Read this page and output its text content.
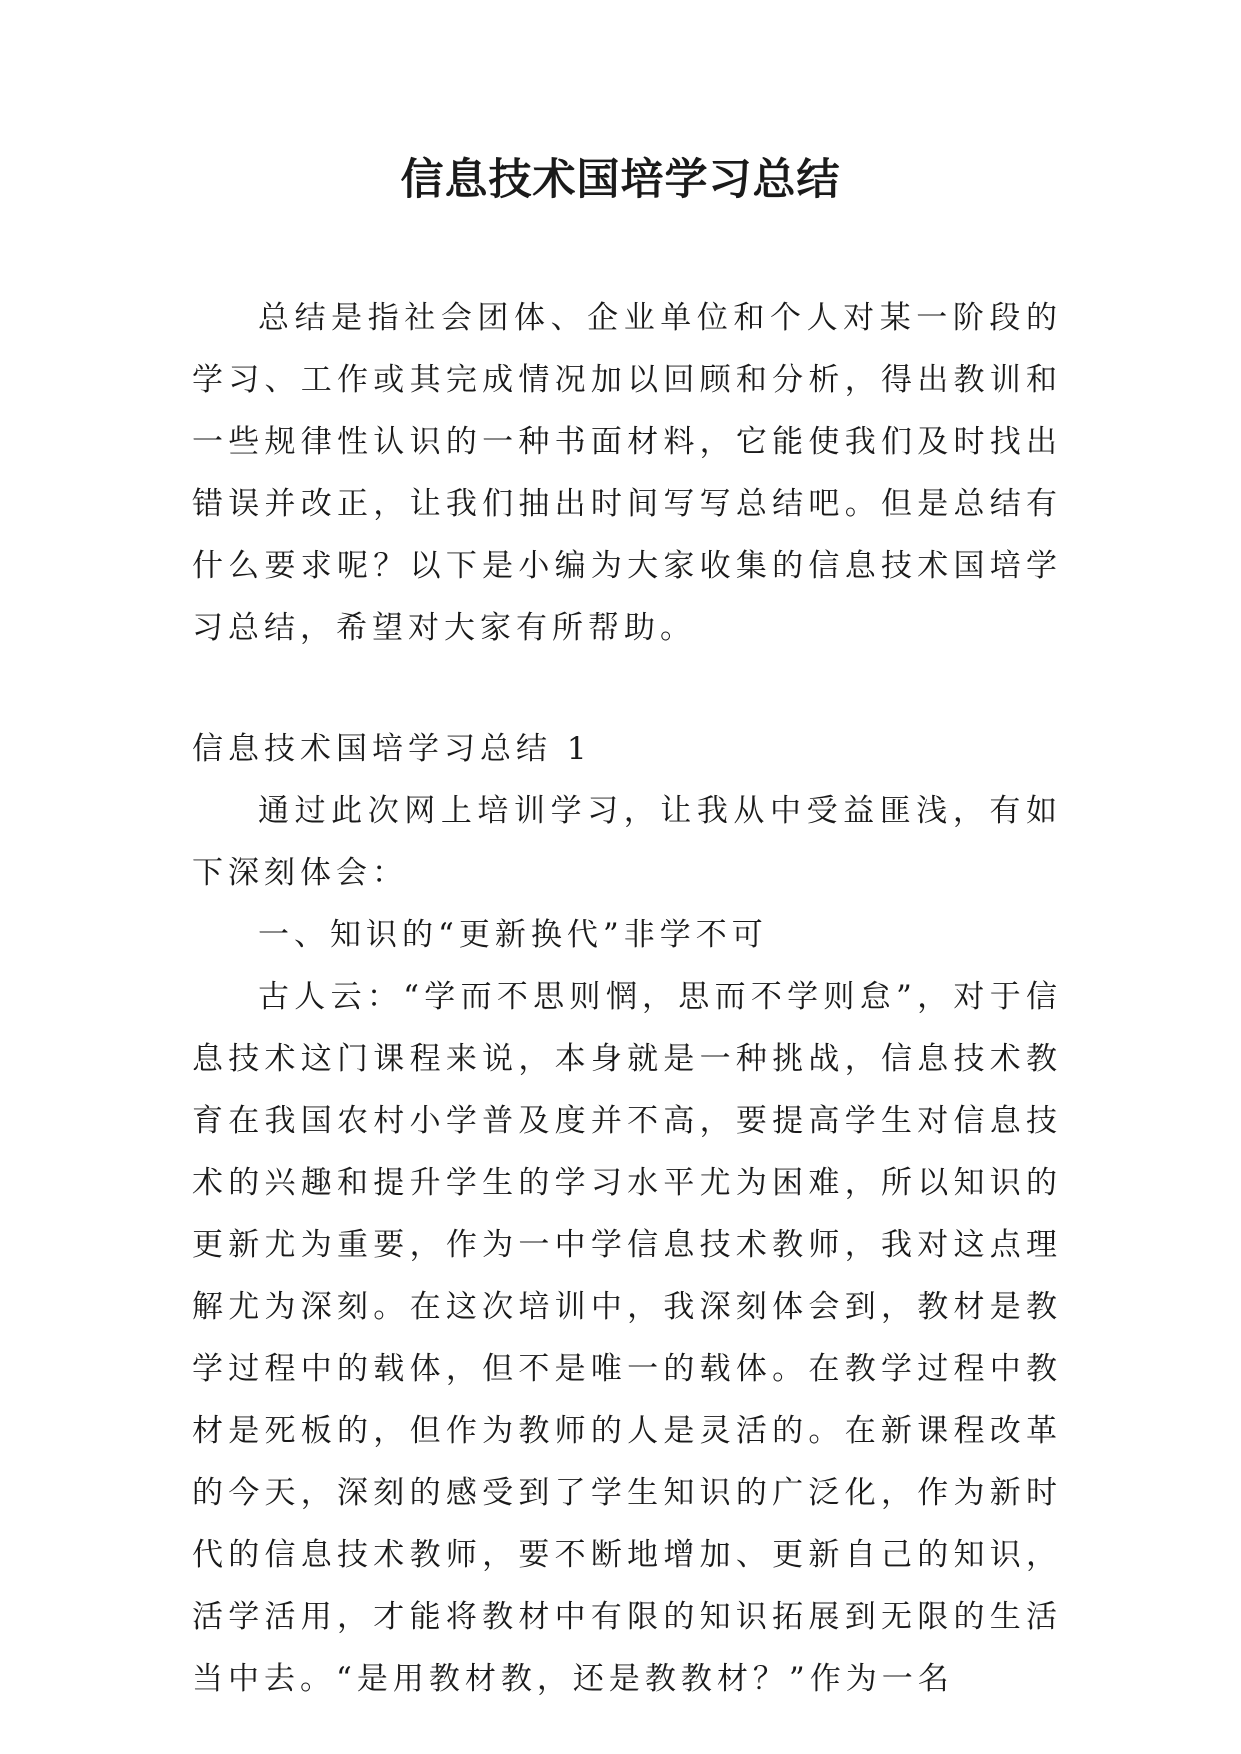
信息技术国培学习总结

总结是指社会团体、企业单位和个人对某一阶段的学习、工作或其完成情况加以回顾和分析，得出教训和一些规律性认识的一种书面材料，它能使我们及时找出错误并改正，让我们抽出时间写写总结吧。但是总结有什么要求呢？以下是小编为大家收集的信息技术国培学习总结，希望对大家有所帮助。

信息技术国培学习总结 1

通过此次网上培训学习，让我从中受益匪浅，有如下深刻体会：

一、知识的“更新换代”非学不可

古人云：“学而不思则惘，思而不学则怠”，对于信息技术这门课程来说，本身就是一种挑战，信息技术教育在我国农村小学普及度并不高，要提高学生对信息技术的兴趣和提升学生的学习水平尤为困难，所以知识的更新尤为重要，作为一中学信息技术教师，我对这点理解尤为深刻。在这次培训中，我深刻体会到，教材是教学过程中的载体，但不是唯一的载体。在教学过程中教材是死板的，但作为教师的人是灵活的。在新课程改革的今天，深刻的感受到了学生知识的广泛化，作为新时代的信息技术教师，要不断地增加、更新自己的知识，活学活用，才能将教材中有限的知识拓展到无限的生活当中去。“是用教材教，还是教教材？”作为一名
